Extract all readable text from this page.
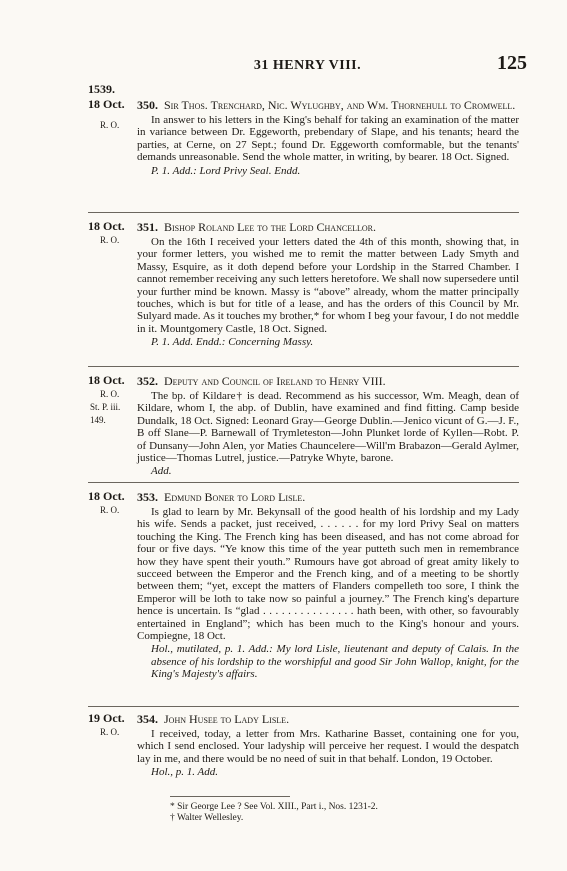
31 HENRY VIII.	125
1539.
18 Oct.
R. O.
350. Sir Thos. Trenchard, Nic. Wylughby, and Wm. Thornehull to Cromwell.

In answer to his letters in the King's behalf for taking an examination of the matter in variance between Dr. Eggeworth, prebendary of Slape, and his tenants; heard the parties, at Cerne, on 27 Sept.; found Dr. Eggeworth comformable, but the tenants' demands unreasonable. Send the whole matter, in writing, by bearer. 18 Oct. Signed.

P. 1. Add.: Lord Privy Seal. Endd.
18 Oct.
R. O.
351. Bishop Roland Lee to the Lord Chancellor.

On the 16th I received your letters dated the 4th of this month, showing that, in your former letters, you wished me to remit the matter between Lady Smyth and Massy, Esquire, as it doth depend before your Lordship in the Starred Chamber. I cannot remember receiving any such letters heretofore. We shall now supersedere until your further mind be known. Massy is “above” already, whom the matter principally touches, which is but for title of a lease, and has the orders of this Council by Mr. Sulyard made. As it touches my brother,* for whom I beg your favour, I do not meddle in it. Mountgomery Castle, 18 Oct. Signed.

P. 1. Add. Endd.: Concerning Massy.
18 Oct.
R. O.
St. P. iii. 149.
352. Deputy and Council of Ireland to Henry VIII.

The bp. of Kildare† is dead. Recommend as his successor, Wm. Meagh, dean of Kildare, whom I, the abp. of Dublin, have examined and find fitting. Camp beside Dundalk, 18 Oct. Signed: Leonard Gray—George Dublin.—Jenico vicunt of G.—J. F., B off Slane—P. Barnewall of Trymleteston—John Plunket lorde of Kyllen—Robt. P. of Dunsany—John Alen, yor Maties Chauncelere—Will'm Brabazon—Gerald Aylmer, justice—Thomas Lutrel, justice.—Patryke Whyte, barone.

Add.
18 Oct.
R. O.
353. Edmund Boner to Lord Lisle.

Is glad to learn by Mr. Bekynsall of the good health of his lordship and my Lady his wife. Sends a packet, just received, . . . . . . for my lord Privy Seal on matters touching the King. The French king has been diseased, and has not come abroad for four or five days. “Ye know this time of the year putteth such men in remembrance how they have spent their youth.” Rumours have got abroad of great amity likely to succeed between the Emperor and the French king, and of a meeting to be shortly between them; “yet, except the matters of Flanders compelleth too sore, I think the Emperor will be loth to take now so painful a journey.” The French king's departure hence is uncertain. Is “glad . . . . . . . . . . . . . . . hath been, with other, so favourably entertained in England”; which has been much to the King's honour and yours. Compiegne, 18 Oct.

Hol., mutilated, p. 1. Add.: My lord Lisle, lieutenant and deputy of Calais. In the absence of his lordship to the worshipful and good Sir John Wallop, knight, for the King's Majesty's affairs.
19 Oct.
R. O.
354. John Husee to Lady Lisle.

I received, today, a letter from Mrs. Katharine Basset, containing one for you, which I send enclosed. Your ladyship will perceive her request. I would the despatch lay in me, and there would be no need of suit in that behalf. London, 19 October.

Hol., p. 1. Add.
* Sir George Lee ? See Vol. XIII., Part i., Nos. 1231-2.
† Walter Wellesley.
